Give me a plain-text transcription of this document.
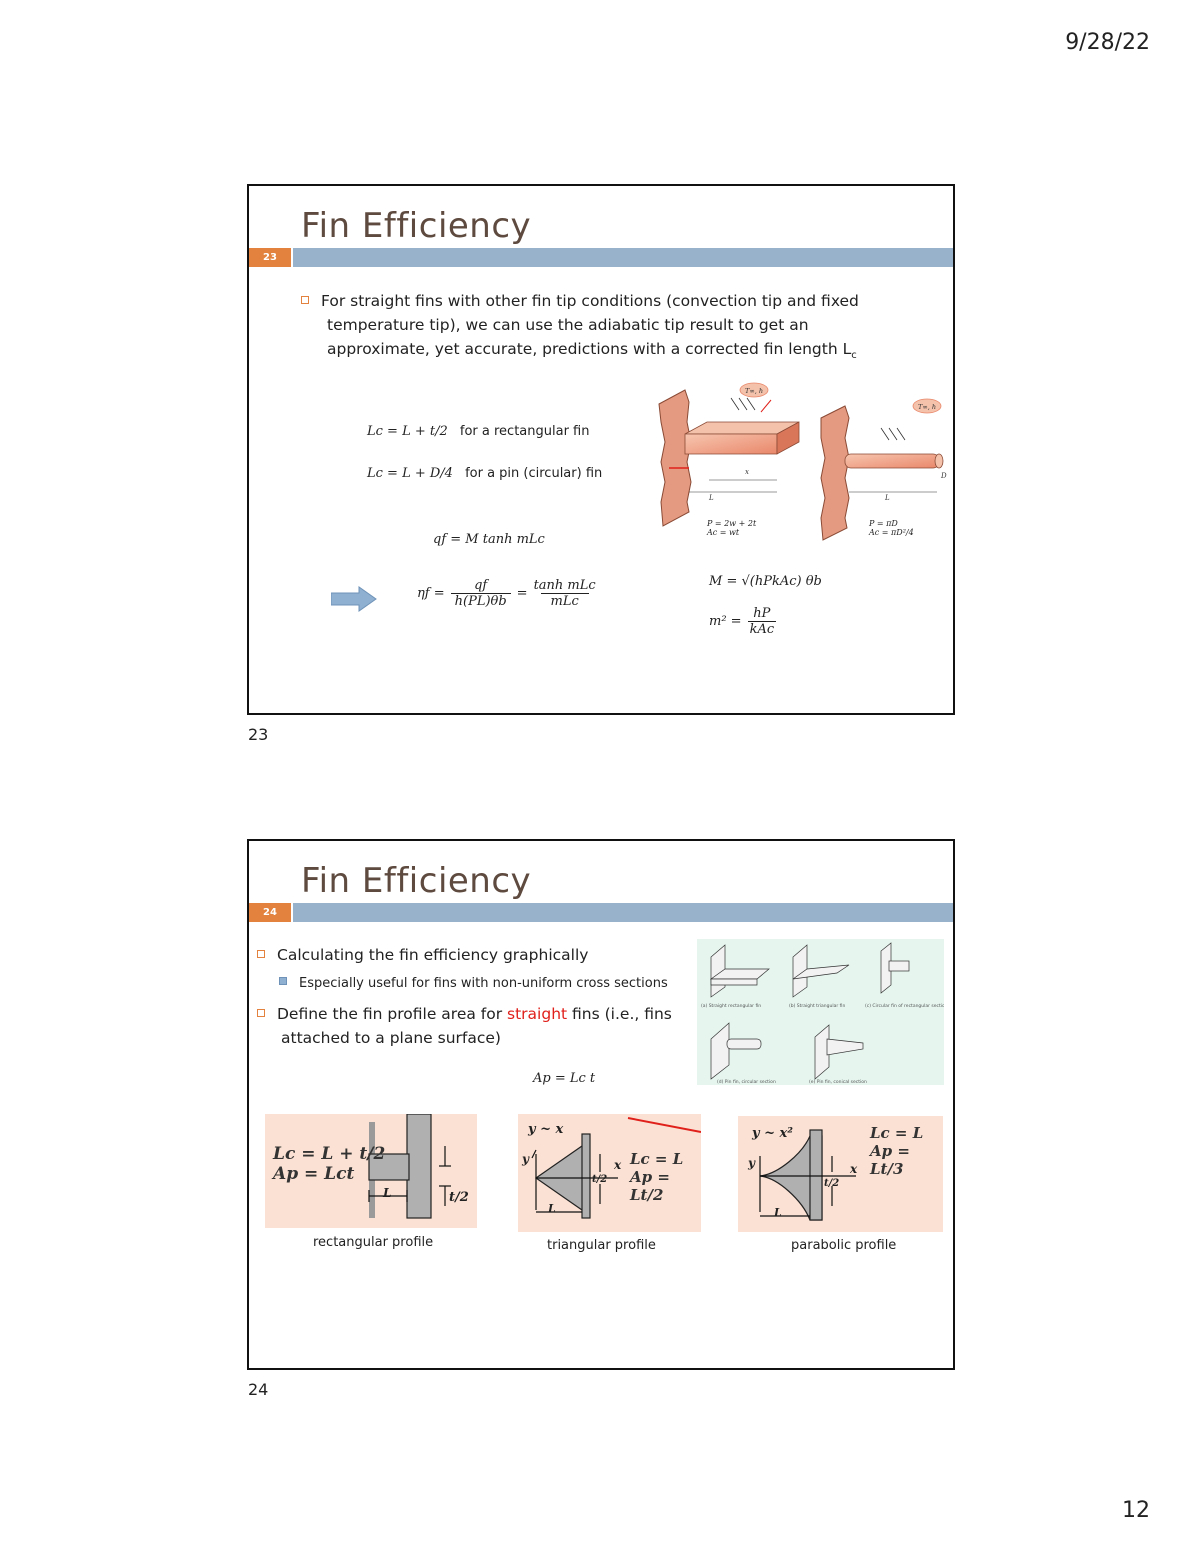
9/28/22
Fin Efficiency
23
For straight fins with other fin tip conditions (convection tip and fixed temperature tip), we can use the adiabatic tip result to get an approximate, yet accurate, predictions with a corrected fin length $L_c$
Lc = L + t/2 for a rectangular fin
Lc = L + D/4 for a pin (circular) fin
qf = M tanh mLc
$\eta f = \frac{qf}{h(PL)\theta b}$ =
tanh mLc
mLc
M = √(hPkAc) θb
m² =
hP
kAc
L
x
T∞, h
L
T∞, h
D
P = 2w + 2t
Ac = wt
P = πD
Ac = πD²/4
23
Fin Efficiency
24
Calculating the fin efficiency graphically
Especially useful for fins with non-uniform cross sections
Define the fin profile area for straight fins (i.e., fins attached to a plane surface)
Ap = Lc t
(a) Straight rectangular fin	(b) Straight triangular fin	(c) Circular fin of rectangular section
(d) Pin fin, circular section	(e) Pin fin, conical section
Lc = L + t/2
Ap = Lct
L	t/2
rectangular profile
y ~ x
y	x Lc = L
Ap = Lt/2
L
t/2
triangular profile
y ~ x²
y	x
Lc = L
Ap = Lt/3
L
t/2
parabolic profile
24
12
